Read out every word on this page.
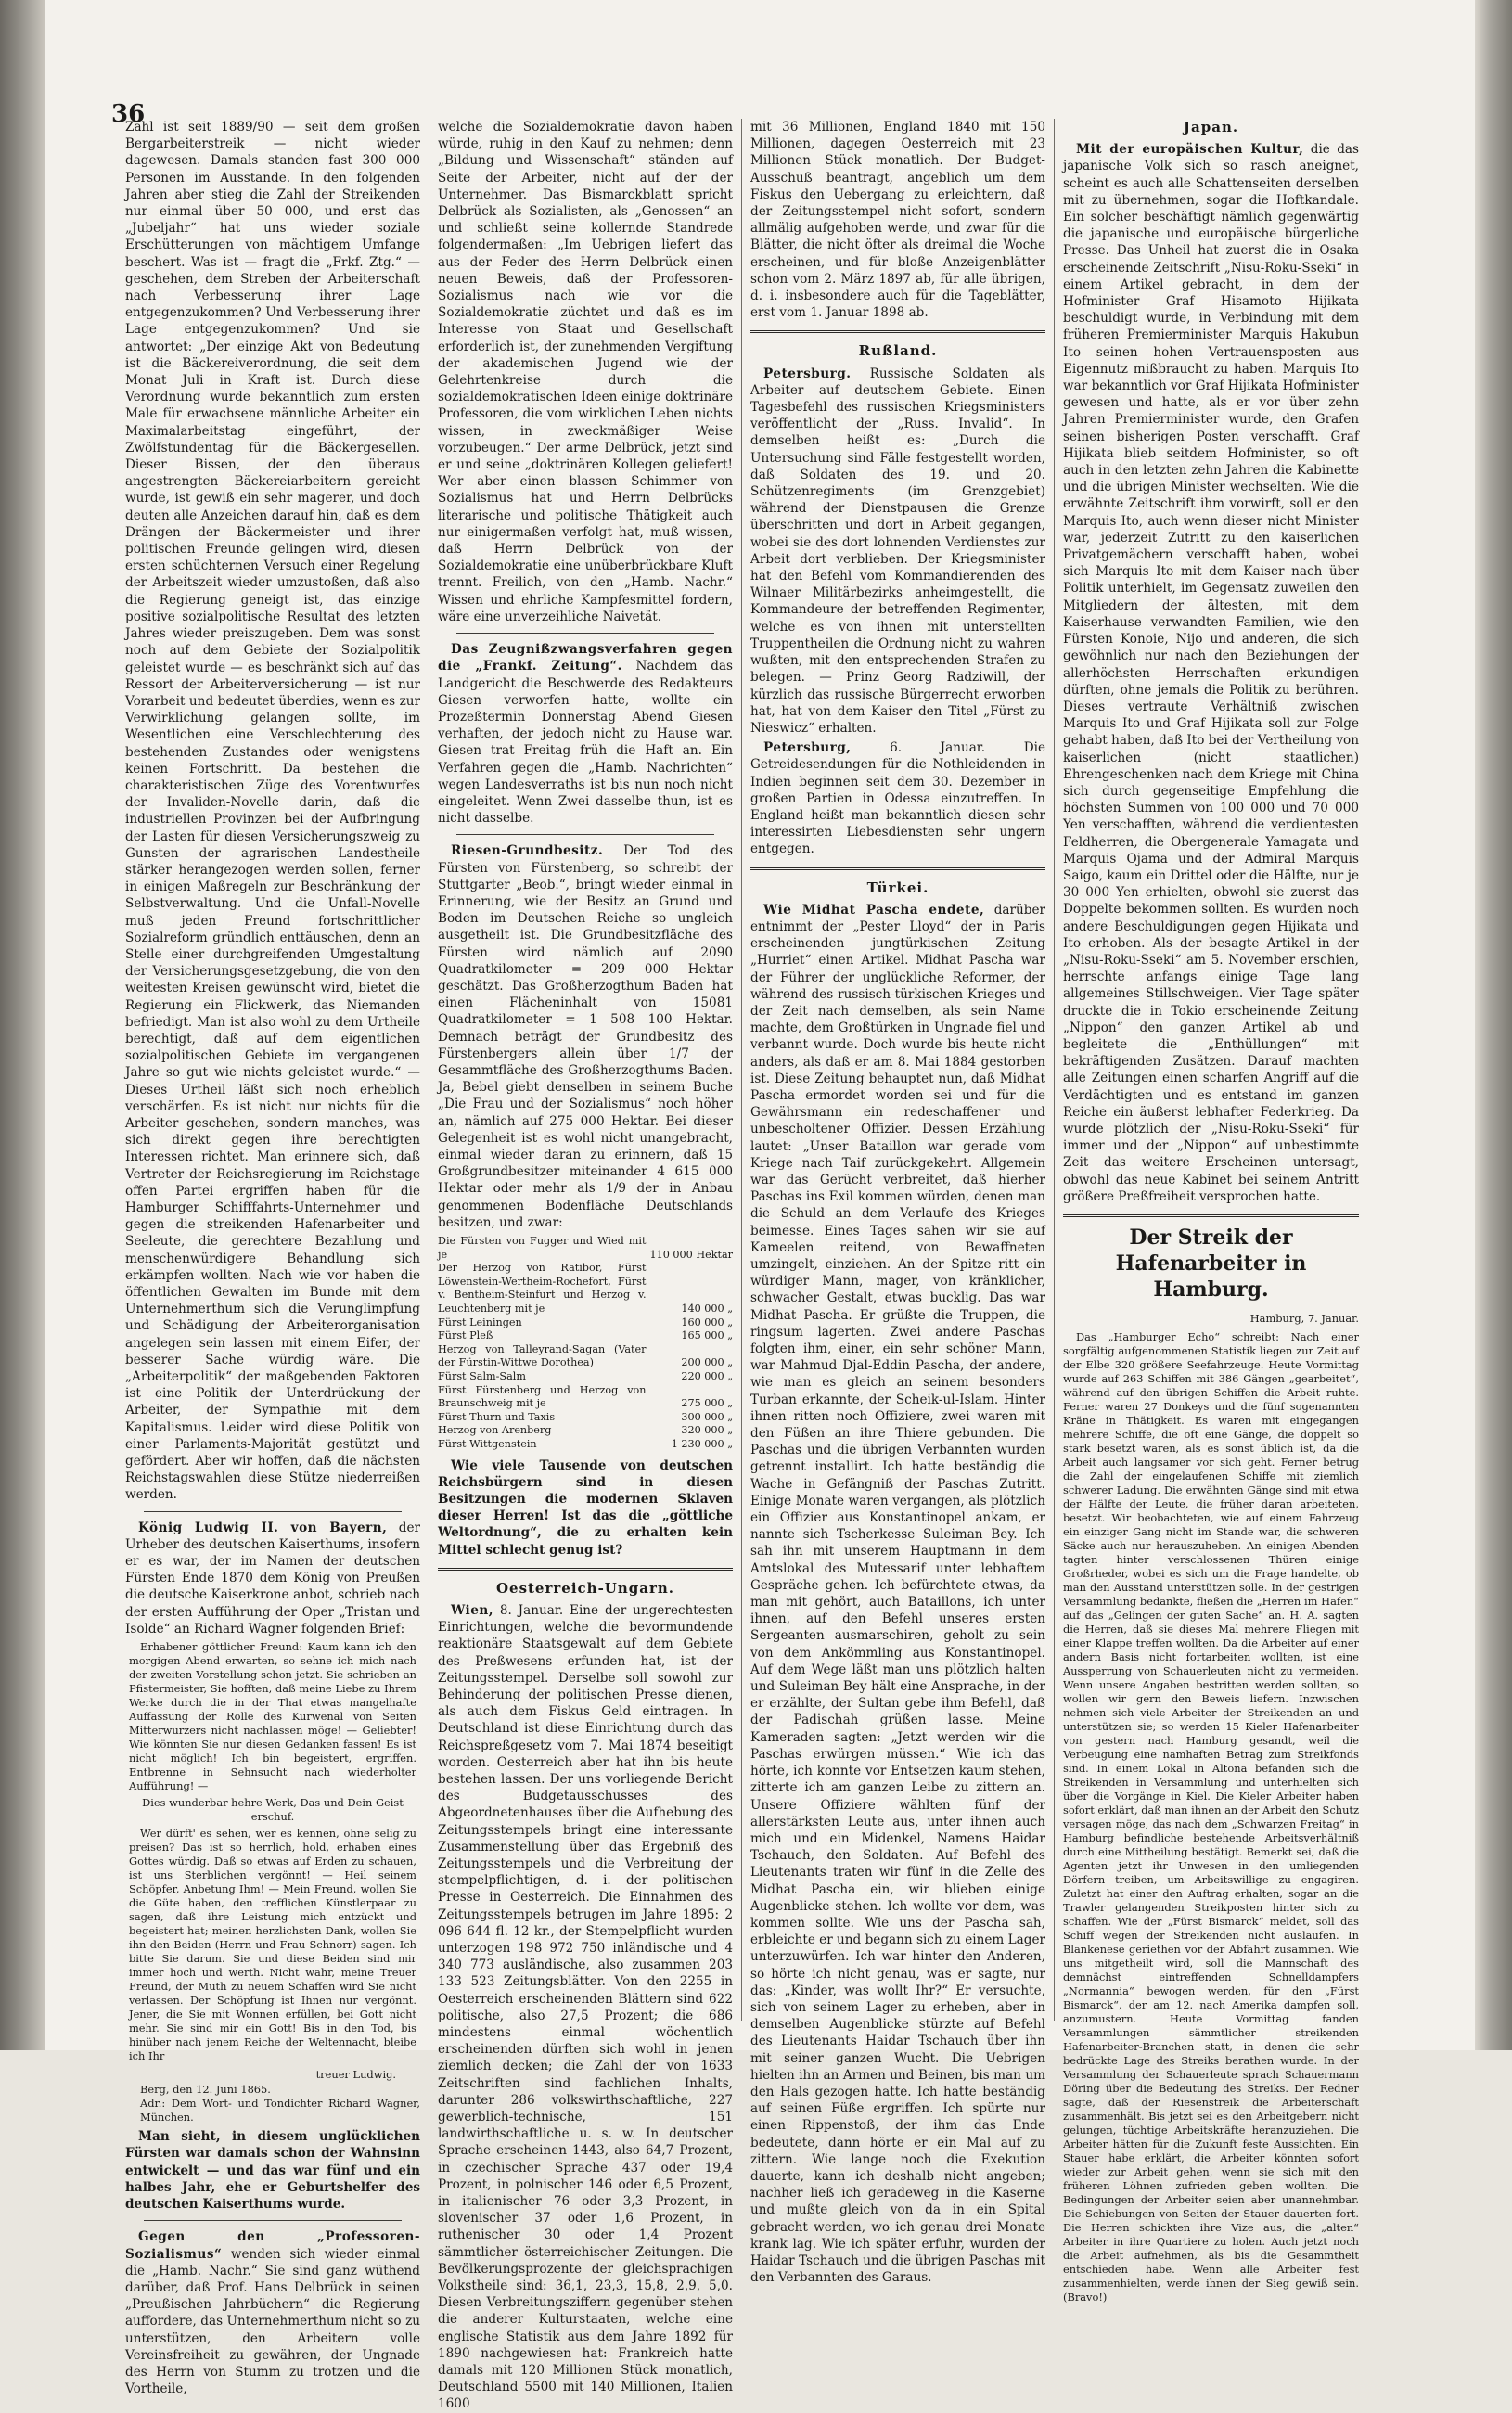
36

Zahl ist seit 1889/90 — seit dem großen Bergarbeiterstreik — nicht wieder dagewesen. Damals standen fast 300 000 Personen im Ausstande. In den folgenden Jahren aber stieg die Zahl der Streikenden nur einmal über 50 000, und erst das „Jubeljahr“ hat uns wieder soziale Erschütterungen von mächtigem Umfange beschert. Was ist — fragt die „Frkf. Ztg.“ — geschehen, dem Streben der Arbeiterschaft nach Verbesserung ihrer Lage entgegenzukommen? Und Verbesserung ihrer Lage entgegenzukommen? Und sie antwortet: „Der einzige Akt von Bedeutung ist die Bäckereiverordnung, die seit dem Monat Juli in Kraft ist. Durch diese Verordnung wurde bekanntlich zum ersten Male für erwachsene männliche Arbeiter ein Maximalarbeitstag eingeführt, der Zwölfstundentag für die Bäckergesellen. Dieser Bissen, der den überaus angestrengten Bäckereiarbeitern gereicht wurde, ist gewiß ein sehr magerer, und doch deuten alle Anzeichen darauf hin, daß es dem Drängen der Bäckermeister und ihrer politischen Freunde gelingen wird, diesen ersten schüchternen Versuch einer Regelung der Arbeitszeit wieder umzustoßen, daß also die Regierung geneigt ist, das einzige positive sozialpolitische Resultat des letzten Jahres wieder preiszugeben. Dem was sonst noch auf dem Gebiete der Sozialpolitik geleistet wurde — es beschränkt sich auf das Ressort der Arbeiterversicherung — ist nur Vorarbeit und bedeutet überdies, wenn es zur Verwirklichung gelangen sollte, im Wesentlichen eine Verschlechterung des bestehenden Zustandes oder wenigstens keinen Fortschritt. Da bestehen die charakteristischen Züge des Vorentwurfes der Invaliden-Novelle darin, daß die industriellen Provinzen bei der Aufbringung der Lasten für diesen Versicherungszweig zu Gunsten der agrarischen Landestheile stärker herangezogen werden sollen, ferner in einigen Maßregeln zur Beschränkung der Selbstverwaltung. Und die Unfall-Novelle muß jeden Freund fortschrittlicher Sozialreform gründlich enttäuschen, denn an Stelle einer durchgreifenden Umgestaltung der Versicherungsgesetzgebung, die von den weitesten Kreisen gewünscht wird, bietet die Regierung ein Flickwerk, das Niemanden befriedigt. Man ist also wohl zu dem Urtheile berechtigt, daß auf dem eigentlichen sozialpolitischen Gebiete im vergangenen Jahre so gut wie nichts geleistet wurde.“ — Dieses Urtheil läßt sich noch erheblich verschärfen. Es ist nicht nur nichts für die Arbeiter geschehen, sondern manches, was sich direkt gegen ihre berechtigten Interessen richtet. Man erinnere sich, daß Vertreter der Reichsregierung im Reichstage offen Partei ergriffen haben für die Hamburger Schifffahrts-Unternehmer und gegen die streikenden Hafenarbeiter und Seeleute, die gerechtere Bezahlung und menschenwürdigere Behandlung sich erkämpfen wollten. Nach wie vor haben die öffentlichen Gewalten im Bunde mit dem Unternehmerthum sich die Verunglimpfung und Schädigung der Arbeiterorganisation angelegen sein lassen mit einem Eifer, der besserer Sache würdig wäre. Die „Arbeiterpolitik“ der maßgebenden Faktoren ist eine Politik der Unterdrückung der Arbeiter, der Sympathie mit dem Kapitalismus. Leider wird diese Politik von einer Parlaments-Majorität gestützt und gefördert. Aber wir hoffen, daß die nächsten Reichstagswahlen diese Stütze niederreißen werden.

König Ludwig II. von Bayern, der Urheber des deutschen Kaiserthums, insofern er es war, der im Namen der deutschen Fürsten Ende 1870 dem König von Preußen die deutsche Kaiserkrone anbot, schrieb nach der ersten Aufführung der Oper „Tristan und Isolde“ an Richard Wagner folgenden Brief:

Erhabener göttlicher Freund: Kaum kann ich den morgigen Abend erwarten, so sehne ich mich nach der zweiten Vorstellung schon jetzt. Sie schrieben an Pfistermeister, Sie hofften, daß meine Liebe zu Ihrem Werke durch die in der That etwas mangelhafte Auffassung der Rolle des Kurwenal von Seiten Mitterwurzers nicht nachlassen möge! — Geliebter! Wie könnten Sie nur diesen Gedanken fassen! Es ist nicht möglich! Ich bin begeistert, ergriffen. Entbrenne in Sehnsucht nach wiederholter Aufführung! —

Dies wunderbar hehre Werk, Das und Dein Geist erschuf.

Wer dürft' es sehen, wer es kennen, ohne selig zu preisen? Das ist so herrlich, hold, erhaben eines Gottes würdig. Daß so etwas auf Erden zu schauen, ist uns Sterblichen vergönnt! — Heil seinem Schöpfer, Anbetung Ihm! — Mein Freund, wollen Sie die Güte haben, den trefflichen Künstlerpaar zu sagen, daß ihre Leistung mich entzückt und begeistert hat; meinen herzlichsten Dank, wollen Sie ihn den Beiden (Herrn und Frau Schnorr) sagen. Ich bitte Sie darum. Sie und diese Beiden sind mir immer hoch und werth. Nicht wahr, meine Treuer Freund, der Muth zu neuem Schaffen wird Sie nicht verlassen. Der Schöpfung ist Ihnen nur vergönnt. Jener, die Sie mit Wonnen erfüllen, bei Gott nicht mehr. Sie sind mir ein Gott! Bis in den Tod, bis hinüber nach jenem Reiche der Weltennacht, bleibe ich Ihr

treuer Ludwig.
Berg, den 12. Juni 1865.
Adr.: Dem Wort- und Tondichter Richard Wagner, München.

Man sieht, in diesem unglücklichen Fürsten war damals schon der Wahnsinn entwickelt — und das war fünf und ein halbes Jahr, ehe er Geburtshelfer des deutschen Kaiserthums wurde.

Gegen den „Professoren-Sozialismus“ wenden sich wieder einmal die „Hamb. Nachr.“ Sie sind ganz wüthend darüber, daß Prof. Hans Delbrück in seinen „Preußischen Jahrbüchern“ die Regierung auffordere, das Unternehmerthum nicht so zu unterstützen, den Arbeitern volle Vereinsfreiheit zu gewähren, der Ungnade des Herrn von Stumm zu trotzen und die Vortheile,

welche die Sozialdemokratie davon haben würde, ruhig in den Kauf zu nehmen; denn „Bildung und Wissenschaft“ ständen auf Seite der Arbeiter, nicht auf der der Unternehmer. Das Bismarckblatt spricht Delbrück als Sozialisten, als „Genossen“ an und schließt seine kollernde Standrede folgendermaßen: „Im Uebrigen liefert das aus der Feder des Herrn Delbrück einen neuen Beweis, daß der Professoren-Sozialismus nach wie vor die Sozialdemokratie züchtet und daß es im Interesse von Staat und Gesellschaft erforderlich ist, der zunehmenden Vergiftung der akademischen Jugend wie der Gelehrtenkreise durch die sozialdemokratischen Ideen einige doktrinäre Professoren, die vom wirklichen Leben nichts wissen, in zweckmäßiger Weise vorzubeugen.“ Der arme Delbrück, jetzt sind er und seine „doktrinären Kollegen geliefert! Wer aber einen blassen Schimmer von Sozialismus hat und Herrn Delbrücks literarische und politische Thätigkeit auch nur einigermaßen verfolgt hat, muß wissen, daß Herrn Delbrück von der Sozialdemokratie eine unüberbrückbare Kluft trennt. Freilich, von den „Hamb. Nachr.“ Wissen und ehrliche Kampfesmittel fordern, wäre eine unverzeihliche Naivetät.

Das Zeugnißzwangsverfahren gegen die „Frankf. Zeitung“. Nachdem das Landgericht die Beschwerde des Redakteurs Giesen verworfen hatte, wollte ein Prozeßtermin Donnerstag Abend Giesen verhaften, der jedoch nicht zu Hause war. Giesen trat Freitag früh die Haft an. Ein Verfahren gegen die „Hamb. Nachrichten“ wegen Landesverraths ist bis nun noch nicht eingeleitet. Wenn Zwei dasselbe thun, ist es nicht dasselbe.

Riesen-Grundbesitz. Der Tod des Fürsten von Fürstenberg, so schreibt der Stuttgarter „Beob.“, bringt wieder einmal in Erinnerung, wie der Besitz an Grund und Boden im Deutschen Reiche so ungleich ausgetheilt ist. Die Grundbesitzfläche des Fürsten wird nämlich auf 2090 Quadratkilometer = 209 000 Hektar geschätzt. Das Großherzogthum Baden hat einen Flächeninhalt von 15081 Quadratkilometer = 1 508 100 Hektar. Demnach beträgt der Grundbesitz des Fürstenbergers allein über 1/7 der Gesammtfläche des Großherzogthums Baden. Ja, Bebel giebt denselben in seinem Buche „Die Frau und der Sozialismus“ noch höher an, nämlich auf 275 000 Hektar. Bei dieser Gelegenheit ist es wohl nicht unangebracht, einmal wieder daran zu erinnern, daß 15 Großgrundbesitzer miteinander 4 615 000 Hektar oder mehr als 1/9 der in Anbau genommenen Bodenfläche Deutschlands besitzen, und zwar:

Die Fürsten von Fugger und Wied mit je	110 000 Hektar
Der Herzog von Ratibor, Fürst Löwenstein-Wertheim-Rochefort, Fürst v. Bentheim-Steinfurt und Herzog v. Leuchtenberg mit je	140 000 „
Fürst Leiningen	160 000 „
Fürst Pleß	165 000 „
Herzog von Talleyrand-Sagan (Vater der Fürstin-Wittwe Dorothea)	200 000 „
Fürst Salm-Salm	220 000 „
Fürst Fürstenberg und Herzog von Braunschweig mit je	275 000 „
Fürst Thurn und Taxis	300 000 „
Herzog von Arenberg	320 000 „
Fürst Wittgenstein	1 230 000 „

Wie viele Tausende von deutschen Reichsbürgern sind in diesen Besitzungen die modernen Sklaven dieser Herren! Ist das die „göttliche Weltordnung“, die zu erhalten kein Mittel schlecht genug ist?

Oesterreich-Ungarn.

Wien, 8. Januar. Eine der ungerechtesten Einrichtungen, welche die bevormundende reaktionäre Staatsgewalt auf dem Gebiete des Preßwesens erfunden hat, ist der Zeitungsstempel. Derselbe soll sowohl zur Behinderung der politischen Presse dienen, als auch dem Fiskus Geld eintragen. In Deutschland ist diese Einrichtung durch das Reichspreßgesetz vom 7. Mai 1874 beseitigt worden. Oesterreich aber hat ihn bis heute bestehen lassen. Der uns vorliegende Bericht des Budgetausschusses des Abgeordnetenhauses über die Aufhebung des Zeitungsstempels bringt eine interessante Zusammenstellung über das Ergebniß des Zeitungsstempels und die Verbreitung der stempelpflichtigen, d. i. der politischen Presse in Oesterreich. Die Einnahmen des Zeitungsstempels betrugen im Jahre 1895: 2 096 644 fl. 12 kr., der Stempelpflicht wurden unterzogen 198 972 750 inländische und 4 340 773 ausländische, also zusammen 203 133 523 Zeitungsblätter. Von den 2255 in Oesterreich erscheinenden Blättern sind 622 politische, also 27,5 Prozent; die 686 mindestens einmal wöchentlich erscheinenden dürften sich wohl in jenen ziemlich decken; die Zahl der von 1633 Zeitschriften sind fachlichen Inhalts, darunter 286 volkswirthschaftliche, 227 gewerblich-technische, 151 landwirthschaftliche u. s. w. In deutscher Sprache erscheinen 1443, also 64,7 Prozent, in czechischer Sprache 437 oder 19,4 Prozent, in polnischer 146 oder 6,5 Prozent, in italienischer 76 oder 3,3 Prozent, in slovenischer 37 oder 1,6 Prozent, in ruthenischer 30 oder 1,4 Prozent sämmtlicher österreichischer Zeitungen. Die Bevölkerungsprozente der gleichsprachigen Volkstheile sind: 36,1, 23,3, 15,8, 2,9, 5,0. Diesen Verbreitungsziffern gegenüber stehen die anderer Kulturstaaten, welche eine englische Statistik aus dem Jahre 1892 für 1890 nachgewiesen hat: Frankreich hatte damals mit 120 Millionen Stück monatlich, Deutschland 5500 mit 140 Millionen, Italien 1600

mit 36 Millionen, England 1840 mit 150 Millionen, dagegen Oesterreich mit 23 Millionen Stück monatlich. Der Budget-Ausschuß beantragt, angeblich um dem Fiskus den Uebergang zu erleichtern, daß der Zeitungsstempel nicht sofort, sondern allmälig aufgehoben werde, und zwar für die Blätter, die nicht öfter als dreimal die Woche erscheinen, und für bloße Anzeigenblätter schon vom 2. März 1897 ab, für alle übrigen, d. i. insbesondere auch für die Tageblätter, erst vom 1. Januar 1898 ab.

Rußland.

Petersburg. Russische Soldaten als Arbeiter auf deutschem Gebiete. Einen Tagesbefehl des russischen Kriegsministers veröffentlicht der „Russ. Invalid“. In demselben heißt es: „Durch die Untersuchung sind Fälle festgestellt worden, daß Soldaten des 19. und 20. Schützenregiments (im Grenzgebiet) während der Dienstpausen die Grenze überschritten und dort in Arbeit gegangen, wobei sie des dort lohnenden Verdienstes zur Arbeit dort verblieben. Der Kriegsminister hat den Befehl vom Kommandierenden des Wilnaer Militärbezirks anheimgestellt, die Kommandeure der betreffenden Regimenter, welche es von ihnen mit unterstellten Truppentheilen die Ordnung nicht zu wahren wußten, mit den entsprechenden Strafen zu belegen. — Prinz Georg Radziwill, der kürzlich das russische Bürgerrecht erworben hat, hat von dem Kaiser den Titel „Fürst zu Nieswicz“ erhalten.

Petersburg,	6. Januar. Die Getreidesendungen für die Nothleidenden in Indien beginnen seit dem 30. Dezember in großen Partien in Odessa einzutreffen. In England heißt man bekanntlich diesen sehr interessirten Liebesdiensten sehr ungern entgegen.

Türkei.

Wie Midhat Pascha endete, darüber entnimmt der „Pester Lloyd“ der in Paris erscheinenden jungtürkischen Zeitung „Hurriet“ einen Artikel. Midhat Pascha war der Führer der unglückliche Reformer, der während des russisch-türkischen Krieges und der Zeit nach demselben, als sein Name machte, dem Großtürken in Ungnade fiel und verbannt wurde. Doch wurde bis heute nicht anders, als daß er am 8. Mai 1884 gestorben ist. Diese Zeitung behauptet nun, daß Midhat Pascha ermordet worden sei und für die Gewährsmann ein redeschaffener und unbescholtener Offizier. Dessen Erzählung lautet: „Unser Bataillon war gerade vom Kriege nach Taif zurückgekehrt. Allgemein war das Gerücht verbreitet, daß hierher Paschas ins Exil kommen würden, denen man die Schuld an dem Verlaufe des Krieges beimesse. Eines Tages sahen wir sie auf Kameelen reitend, von Bewaffneten umzingelt, einziehen. An der Spitze ritt ein würdiger Mann, mager, von kränklicher, schwacher Gestalt, etwas bucklig. Das war Midhat Pascha. Er grüßte die Truppen, die ringsum lagerten. Zwei andere Paschas folgten ihm, einer, ein sehr schöner Mann, war Mahmud Djal-Eddin Pascha, der andere, wie man es gleich an seinem besonders Turban erkannte, der Scheik-ul-Islam. Hinter ihnen ritten noch Offiziere, zwei waren mit den Füßen an ihre Thiere gebunden. Die Paschas und die übrigen Verbannten wurden getrennt installirt. Ich hatte beständig die Wache in Gefängniß der Paschas Zutritt. Einige Monate waren vergangen, als plötzlich ein Offizier aus Konstantinopel ankam, er nannte sich Tscherkesse Suleiman Bey. Ich sah ihn mit unserem Hauptmann in dem Amtslokal des Mutessarif unter lebhaftem Gespräche gehen. Ich befürchtete etwas, da man mit gehört, auch Bataillons, ich unter ihnen, auf den Befehl unseres ersten Sergeanten ausmarschiren, geholt zu sein von dem Ankömmling aus Konstantinopel. Auf dem Wege läßt man uns plötzlich halten und Suleiman Bey hält eine Ansprache, in der er erzählte, der Sultan gebe ihm Befehl, daß der Padischah grüßen lasse. Meine Kameraden sagten: „Jetzt werden wir die Paschas erwürgen müssen.“ Wie ich das hörte, ich konnte vor Entsetzen kaum stehen, zitterte ich am ganzen Leibe zu zittern an. Unsere Offiziere wählten fünf der allerstärksten Leute aus, unter ihnen auch mich und ein Midenkel, Namens Haidar Tschauch, den Soldaten. Auf Befehl des Lieutenants traten wir fünf in die Zelle des Midhat Pascha ein, wir blieben einige Augenblicke stehen. Ich wollte vor dem, was kommen sollte. Wie uns der Pascha sah, erbleichte er und begann sich zu einem Lager unterzuwürfen. Ich war hinter den Anderen, so hörte ich nicht genau, was er sagte, nur das: „Kinder, was wollt Ihr?“ Er versuchte, sich von seinem Lager zu erheben, aber in demselben Augenblicke stürzte auf Befehl des Lieutenants Haidar Tschauch über ihn mit seiner ganzen Wucht. Die Uebrigen hielten ihn an Armen und Beinen, bis man um den Hals gezogen hatte. Ich hatte beständig auf seinen Füße ergriffen. Ich spürte nur einen Rippenstoß, der ihm das Ende bedeutete, dann hörte er ein Mal auf zu zittern. Wie lange noch die Exekution dauerte, kann ich deshalb nicht angeben; nachher ließ ich geradeweg in die Kaserne und mußte gleich von da in ein Spital gebracht werden, wo ich genau drei Monate krank lag. Wie ich später erfuhr, wurden der Haidar Tschauch und die übrigen Paschas mit den Verbannten des Garaus.

Japan.

Mit der europäischen Kultur, die das japanische Volk sich so rasch aneignet, scheint es auch alle Schattenseiten derselben mit zu übernehmen, sogar die Hoftkandale. Ein solcher beschäftigt nämlich gegenwärtig die japanische und europäische bürgerliche Presse. Das Unheil hat zuerst die in Osaka erscheinende Zeitschrift „Nisu-Roku-Sseki“ in einem Artikel gebracht, in dem der Hofminister Graf Hisamoto Hijikata beschuldigt wurde, in Verbindung mit dem früheren Premierminister Marquis Hakubun Ito seinen hohen Vertrauensposten aus Eigennutz mißbraucht zu haben. Marquis Ito war bekanntlich vor Graf Hijikata Hofminister gewesen und hatte, als er vor über zehn Jahren Premierminister wurde, den Grafen seinen bisherigen Posten verschafft. Graf Hijikata blieb seitdem Hofminister, so oft auch in den letzten zehn Jahren die Kabinette und die übrigen Minister wechselten. Wie die erwähnte Zeitschrift ihm vorwirft, soll er den Marquis Ito, auch wenn dieser nicht Minister war, jederzeit Zutritt zu den kaiserlichen Privatgemächern verschafft haben, wobei sich Marquis Ito mit dem Kaiser nach über Politik unterhielt, im Gegensatz zuweilen den Mitgliedern der ältesten, mit dem Kaiserhause verwandten Familien, wie den Fürsten Konoie, Nijo und anderen, die sich gewöhnlich nur nach den Beziehungen der allerhöchsten Herrschaften erkundigen dürften, ohne jemals die Politik zu berühren. Dieses vertraute Verhältniß zwischen Marquis Ito und Graf Hijikata soll zur Folge gehabt haben, daß Ito bei der Vertheilung von kaiserlichen (nicht staatlichen) Ehrengeschenken nach dem Kriege mit China sich durch gegenseitige Empfehlung die höchsten Summen von 100 000 und 70 000 Yen verschafften, während die verdientesten Feldherren, die Obergenerale Yamagata und Marquis Ojama und der Admiral Marquis Saigo, kaum ein Drittel oder die Hälfte, nur je 30 000 Yen erhielten, obwohl sie zuerst das Doppelte bekommen sollten. Es wurden noch andere Beschuldigungen gegen Hijikata und Ito erhoben. Als der besagte Artikel in der „Nisu-Roku-Sseki“ am 5. November erschien, herrschte anfangs einige Tage lang allgemeines Stillschweigen. Vier Tage später druckte die in Tokio erscheinende Zeitung „Nippon“ den ganzen Artikel ab und begleitete die „Enthüllungen“ mit bekräftigenden Zusätzen. Darauf machten alle Zeitungen einen scharfen Angriff auf die Verdächtigten und es entstand im ganzen Reiche ein äußerst lebhafter Federkrieg. Da wurde plötzlich der „Nisu-Roku-Sseki“ für immer und der „Nippon“ auf unbestimmte Zeit das weitere Erscheinen untersagt, obwohl das neue Kabinet bei seinem Antritt größere Preßfreiheit versprochen hatte.

Der Streik der Hafenarbeiter in Hamburg.
Hamburg, 7. Januar.

Das „Hamburger Echo“ schreibt: Nach einer sorgfältig aufgenommenen Statistik liegen zur Zeit auf der Elbe 320 größere Seefahrzeuge. Heute Vormittag wurde auf 263 Schiffen mit 386 Gängen „gearbeitet“, während auf den übrigen Schiffen die Arbeit ruhte. Ferner waren 27 Donkeys und die fünf sogenannten Kräne in Thätigkeit. Es waren mit eingegangen mehrere Schiffe, die oft eine Gänge, die doppelt so stark besetzt waren, als es sonst üblich ist, da die Arbeit auch langsamer vor sich geht. Ferner betrug die Zahl der eingelaufenen Schiffe mit ziemlich schwerer Ladung. Die erwähnten Gänge sind mit etwa der Hälfte der Leute, die früher daran arbeiteten, besetzt. Wir beobachteten, wie auf einem Fahrzeug ein einziger Gang nicht im Stande war, die schweren Säcke auch nur herauszuheben. An einigen Abenden tagten hinter verschlossenen Thüren einige Großrheder, wobei es sich um die Frage handelte, ob man den Ausstand unterstützen solle. In der gestrigen Versammlung bedankte, fließen die „Herren im Hafen“ auf das „Gelingen der guten Sache“ an. H. A. sagten die Herren, daß sie dieses Mal mehrere Fliegen mit einer Klappe treffen wollten. Da die Arbeiter auf einer andern Basis nicht fortarbeiten wollten, ist eine Aussperrung von Schauerleuten nicht zu vermeiden. Wenn unsere Angaben bestritten werden sollten, so wollen wir gern den Beweis liefern. Inzwischen nehmen sich viele Arbeiter der Streikenden an und unterstützen sie; so werden 15 Kieler Hafenarbeiter von gestern nach Hamburg gesandt, weil die Verbeugung eine namhaften Betrag zum Streikfonds sind. In einem Lokal in Altona befanden sich die Streikenden in Versammlung und unterhielten sich über die Vorgänge in Kiel. Die Kieler Arbeiter haben sofort erklärt, daß man ihnen an der Arbeit den Schutz versagen möge, das nach dem „Schwarzen Freitag“ in Hamburg befindliche bestehende Arbeitsverhältniß durch eine Mittheilung bestätigt. Bemerkt sei, daß die Agenten jetzt ihr Unwesen in den umliegenden Dörfern treiben, um Arbeitswillige zu engagiren. Zuletzt hat einer den Auftrag erhalten, sogar an die Trawler gelangenden Streikposten hinter sich zu schaffen. Wie der „Fürst Bismarck“ meldet, soll das Schiff wegen der Streikenden nicht auslaufen. In Blankenese geriethen vor der Abfahrt zusammen. Wie uns mitgetheilt wird, soll die Mannschaft des demnächst eintreffenden Schnelldampfers „Normannia“ bewogen werden, für den „Fürst Bismarck“, der am 12. nach Amerika dampfen soll, anzumustern. Heute Vormittag fanden Versammlungen sämmtlicher streikenden Hafenarbeiter-Branchen statt, in denen die sehr bedrückte Lage des Streiks berathen wurde. In der Versammlung der Schauerleute sprach Schauermann Döring über die Bedeutung des Streiks. Der Redner sagte, daß der Riesenstreik die Arbeiterschaft zusammenhält. Bis jetzt sei es den Arbeitgebern nicht gelungen, tüchtige Arbeitskräfte heranzuziehen. Die Arbeiter hätten für die Zukunft feste Aussichten. Ein Stauer habe erklärt, die Arbeiter könnten sofort wieder zur Arbeit gehen, wenn sie sich mit den früheren Löhnen zufrieden geben wollten. Die Bedingungen der Arbeiter seien aber unannehmbar. Die Schiebungen von Seiten der Stauer dauerten fort. Die Herren schickten ihre Vize aus, die „alten“ Arbeiter in ihre Quartiere zu holen. Auch jetzt noch die Arbeit aufnehmen, als bis die Gesammtheit entschieden habe. Wenn alle Arbeiter fest zusammenhielten, werde ihnen der Sieg gewiß sein. (Bravo!)
